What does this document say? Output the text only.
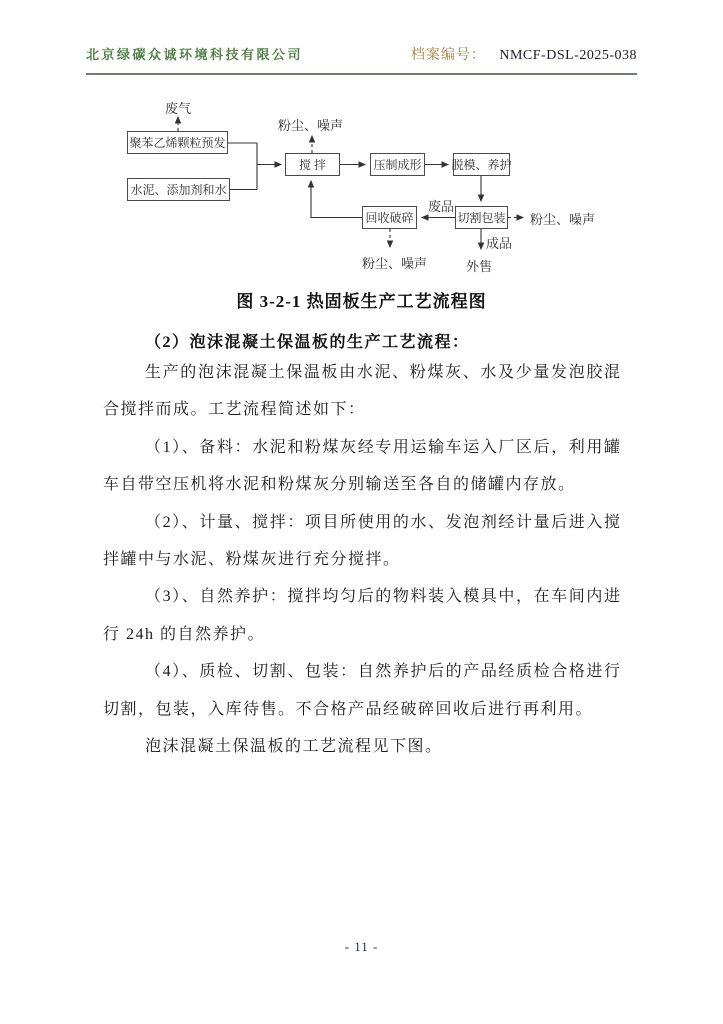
北京绿碳众诚环境科技有限公司	档案编号： NMCF-DSL-2025-038
废气
粉尘、噪声
聚苯乙烯颗粒预发
水泥、添加剂和水
搅 拌	压制成形	脱模、养护
回收破碎	切割包装
废品
粉尘、噪声
成品
外售
粉尘、噪声
图 3-2-1 热固板生产工艺流程图
（2）泡沫混凝土保温板的生产工艺流程：
生产的泡沫混凝土保温板由水泥、粉煤灰、水及少量发泡胶混
合搅拌而成。工艺流程简述如下：
（1）、备料：水泥和粉煤灰经专用运输车运入厂区后，利用罐
车自带空压机将水泥和粉煤灰分别输送至各自的储罐内存放。
（2）、计量、搅拌：项目所使用的水、发泡剂经计量后进入搅
拌罐中与水泥、粉煤灰进行充分搅拌。
（3）、自然养护：搅拌均匀后的物料装入模具中，在车间内进
行 24h 的自然养护。
（4）、质检、切割、包装：自然养护后的产品经质检合格进行
切割，包装，入库待售。不合格产品经破碎回收后进行再利用。
泡沫混凝土保温板的工艺流程见下图。
- 11 -
